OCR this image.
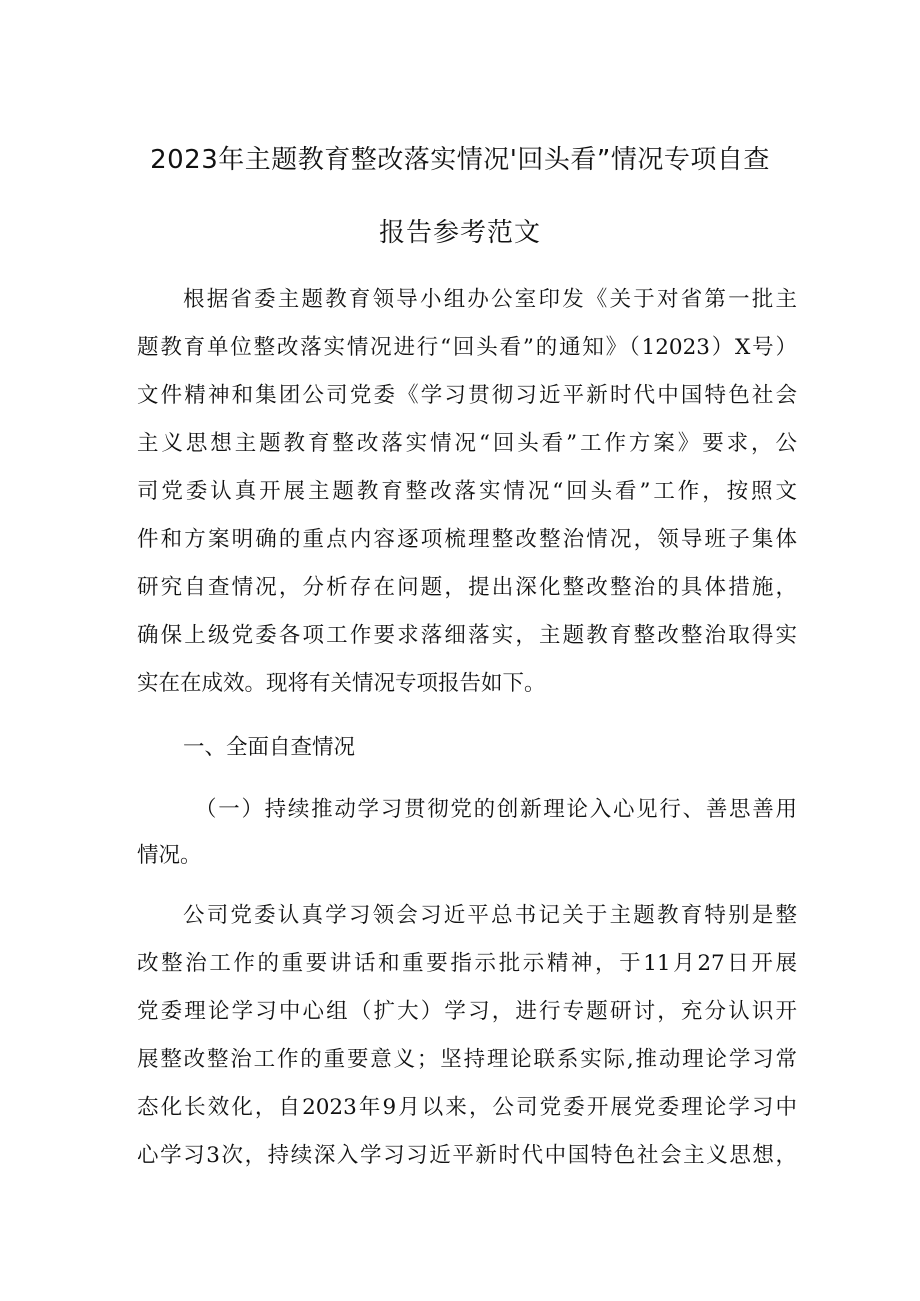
2023年主题教育整改落实情况'回头看”情况专项自查
报告参考范文
根据省委主题教育领导小组办公室印发《关于对省第一批主
题教育单位整改落实情况进行“回头看”的通知》（12023）X号）
文件精神和集团公司党委《学习贯彻习近平新时代中国特色社会
主义思想主题教育整改落实情况“回头看”工作方案》要求，公
司党委认真开展主题教育整改落实情况“回头看”工作，按照文
件和方案明确的重点内容逐项梳理整改整治情况，领导班子集体
研究自查情况，分析存在问题，提出深化整改整治的具体措施，
确保上级党委各项工作要求落细落实，主题教育整改整治取得实
实在在成效。现将有关情况专项报告如下。
一、全面自查情况
（一）持续推动学习贯彻党的创新理论入心见行、善思善用
情况。
公司党委认真学习领会习近平总书记关于主题教育特别是整
改整治工作的重要讲话和重要指示批示精神，于11月27日开展
党委理论学习中心组（扩大）学习，进行专题研讨，充分认识开
展整改整治工作的重要意义；坚持理论联系实际,推动理论学习常
态化长效化，自2023年9月以来，公司党委开展党委理论学习中
心学习3次，持续深入学习习近平新时代中国特色社会主义思想，
